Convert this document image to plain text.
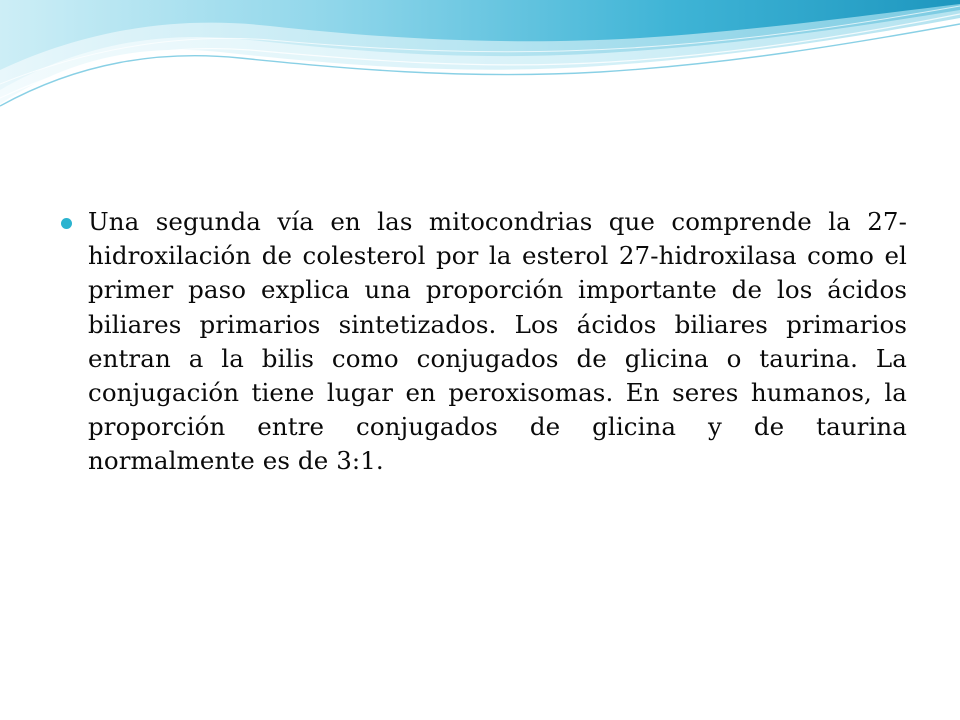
Una segunda vía en las mitocondrias que comprende la 27-hidroxilación de colesterol por la esterol 27-hidroxilasa como el primer paso explica una proporción importante de los ácidos biliares primarios sintetizados. Los ácidos biliares primarios entran a la bilis como conjugados de glicina o taurina. La conjugación tiene lugar en peroxisomas. En seres humanos, la proporción entre conjugados de glicina y de taurina normalmente es de 3:1.
